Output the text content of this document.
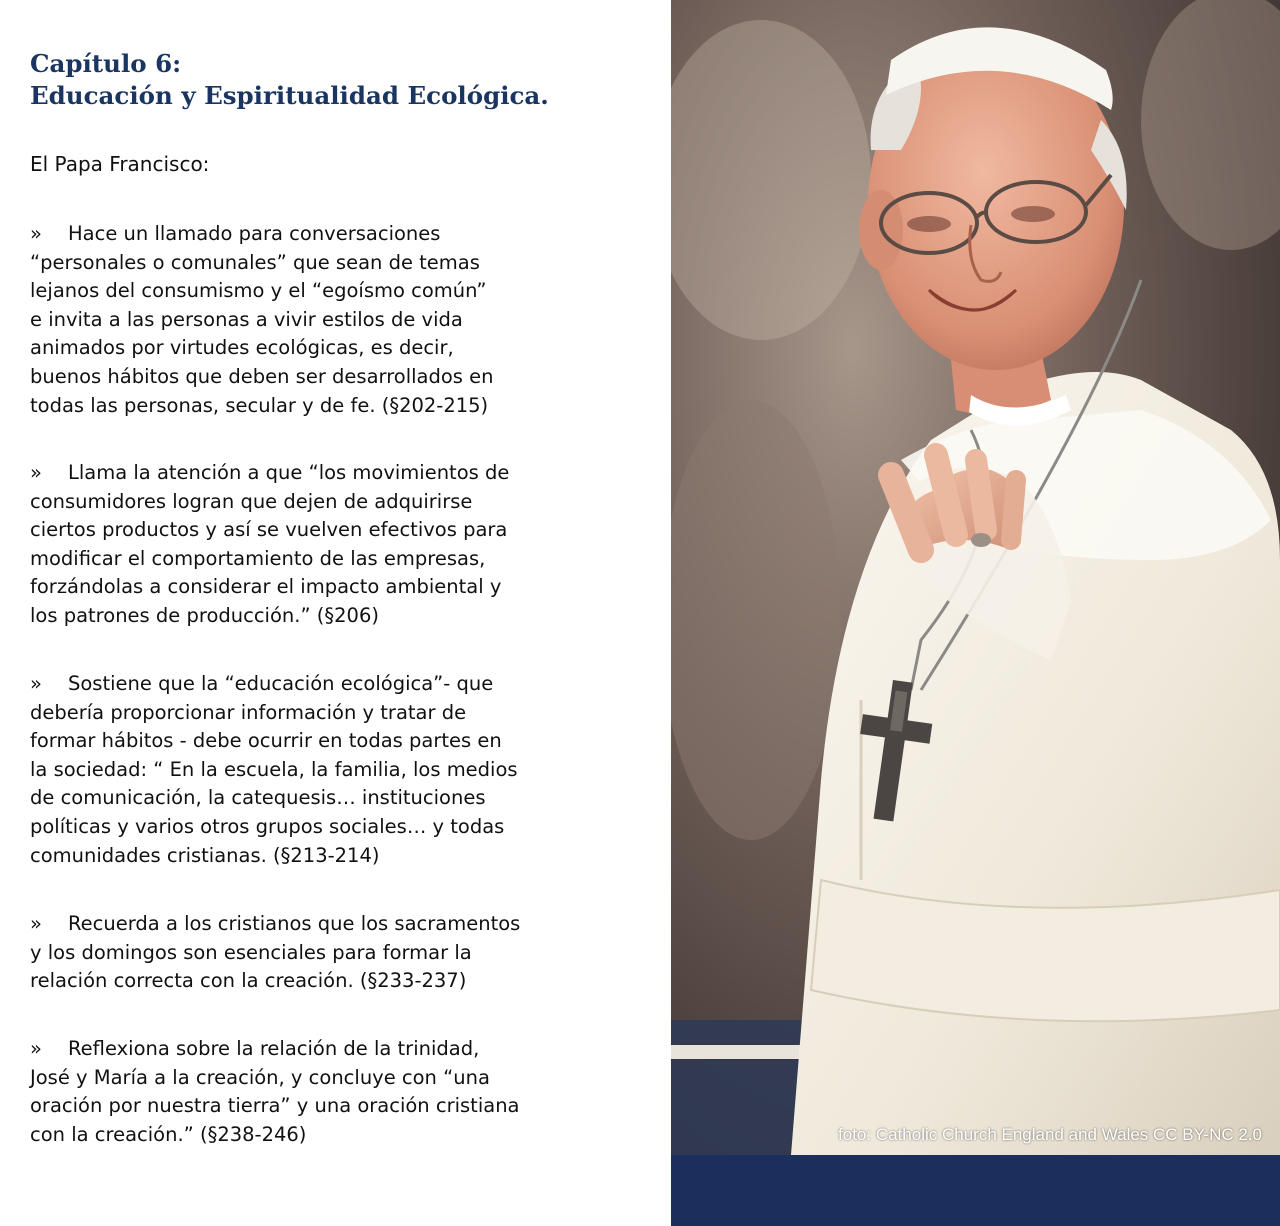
Capítulo 6:
Educación y Espiritualidad Ecológica.

El Papa Francisco:

» Hace un llamado para conversaciones
“personales o comunales” que sean de temas
lejanos del consumismo y el “egoísmo común”
e invita a las personas a vivir estilos de vida
animados por virtudes ecológicas, es decir,
buenos hábitos que deben ser desarrollados en
todas las personas, secular y de fe. (§202-215)
» Llama la atención a que “los movimientos de
consumidores logran que dejen de adquirirse
ciertos productos y así se vuelven efectivos para
modificar el comportamiento de las empresas,
forzándolas a considerar el impacto ambiental y
los patrones de producción.” (§206)
» Sostiene que la “educación ecológica”- que
debería proporcionar información y tratar de
formar hábitos - debe ocurrir en todas partes en
la sociedad: “ En la escuela, la familia, los medios
de comunicación, la catequesis… instituciones
políticas y varios otros grupos sociales… y todas
comunidades cristianas. (§213-214)
» Recuerda a los cristianos que los sacramentos
y los domingos son esenciales para formar la
relación correcta con la creación. (§233-237)
» Reflexiona sobre la relación de la trinidad,
José y María a la creación, y concluye con “una
oración por nuestra tierra” y una oración cristiana
con la creación.” (§238-246)	foto: Catholic Church England and Wales CC BY-NC 2.0
